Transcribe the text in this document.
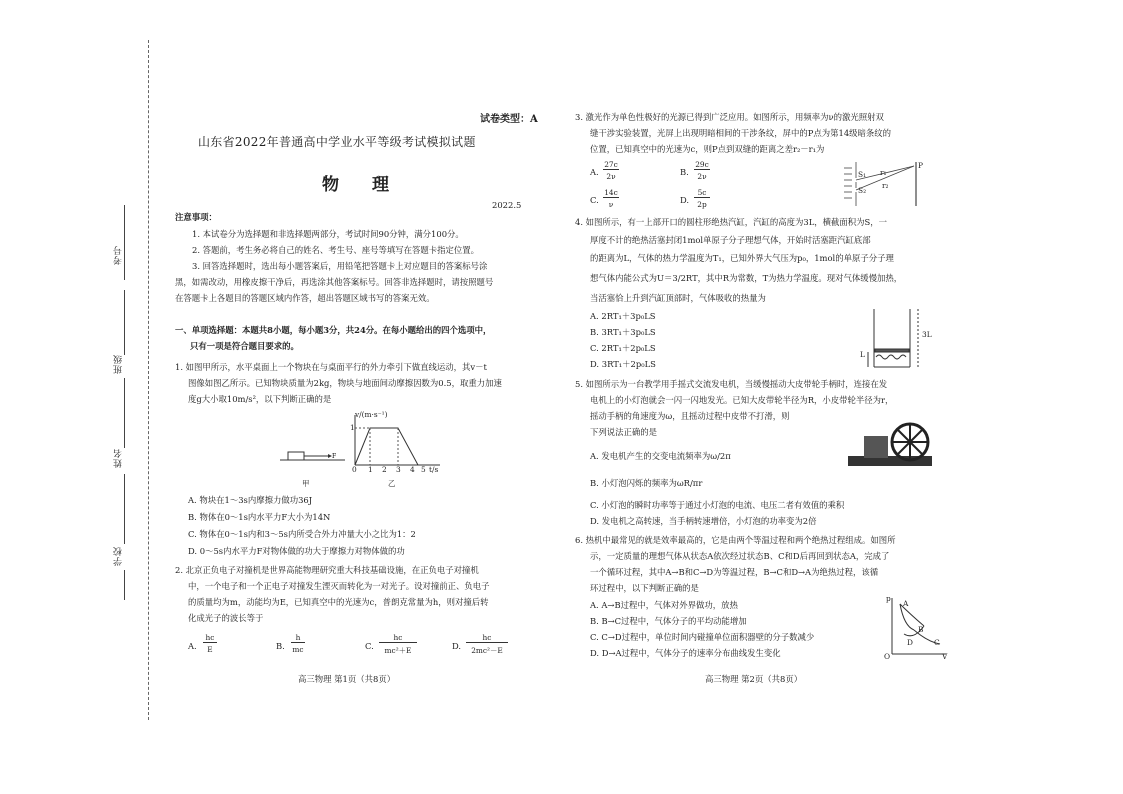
考号
班级
姓名
学校
试卷类型：A
山东省2022年普通高中学业水平等级考试模拟试题
物　理
2022.5
注意事项：
1. 本试卷分为选择题和非选择题两部分，考试时间90分钟，满分100分。
2. 答题前，考生务必将自己的姓名、考生号、座号等填写在答题卡指定位置。
3. 回答选择题时，选出每小题答案后，用铅笔把答题卡上对应题目的答案标号涂
黑，如需改动，用橡皮擦干净后，再选涂其他答案标号。回答非选择题时，请按照题号
在答题卡上各题目的答题区域内作答，超出答题区域书写的答案无效。
一、单项选择题：本题共8小题，每小题3分，共24分。在每小题给出的四个选项中，
只有一项是符合题目要求的。
1. 如图甲所示，水平桌面上一个物块在与桌面平行的外力牵引下做直线运动，其v－t
图像如图乙所示。已知物块质量为2kg，物块与地面间动摩擦因数为0.5，取重力加速
度g大小取10m/s²，以下判断正确的是
F
v/(m·s⁻¹)
1
0 1 2 3 4 5 t/s
甲	乙
A. 物块在1～3s内摩擦力做功36J
B. 物体在0～1s内水平力F大小为14N
C. 物体在0～1s内和3～5s内所受合外力冲量大小之比为1：2
D. 0～5s内水平力F对物体做的功大于摩擦力对物体做的功
2. 北京正负电子对撞机是世界高能物理研究重大科技基础设施，在正负电子对撞机
中，一个电子和一个正电子对撞发生湮灭而转化为一对光子。设对撞前正、负电子
的质量均为m，动能均为E，已知真空中的光速为c，普朗克常量为h，则对撞后转
化成光子的波长等于
A.
hc
E	B.
h
mc	C.
hc
mc²＋E	D.
hc
2mc²－E
高三物理 第1页（共8页）
3. 激光作为单色性极好的光源已得到广泛应用。如图所示，用频率为ν的激光照射双
缝干涉实验装置，光屏上出现明暗相间的干涉条纹，屏中的P点为第14级暗条纹的
位置，已知真空中的光速为c，则P点到双缝的距离之差r₂－r₁为
A.
27c
2ν	B.
29c
2ν
C.
14c
ν	D.
5c
2p
S₁
S₂
P
r₁
r₂
4. 如图所示，有一上部开口的圆柱形绝热汽缸，汽缸的高度为3L，横截面积为S，一
厚度不计的绝热活塞封闭1mol单原子分子理想气体，开始时活塞距汽缸底部
的距离为L，气体的热力学温度为T₁，已知外界大气压为p₀，1mol的单原子分子理
想气体内能公式为U＝3/2RT，其中R为常数，T为热力学温度。现对气体缓慢加热，
当活塞恰上升到汽缸顶部时，气体吸收的热量为
A. 2RT₁＋3p₀LS
B. 3RT₁＋3p₀LS
C. 2RT₁＋2p₀LS
D. 3RT₁＋2p₀LS
3L
L
5. 如图所示为一台教学用手摇式交流发电机，当缓慢摇动大皮带轮手柄时，连接在发
电机上的小灯泡就会一闪一闪地发光。已知大皮带轮半径为R，小皮带轮半径为r，
摇动手柄的角速度为ω，且摇动过程中皮带不打滑，则
下列说法正确的是
A. 发电机产生的交变电流频率为ω/2π
B. 小灯泡闪烁的频率为ωR/πr
C. 小灯泡的瞬时功率等于通过小灯泡的电流、电压二者有效值的乘积
D. 发电机之高转速，当手柄转速增倍，小灯泡的功率变为2倍
6. 热机中最常见的就是效率最高的，它是由两个等温过程和两个绝热过程组成。如图所
示，一定质量的理想气体从状态A依次经过状态B、C和D后再回到状态A，完成了
一个循环过程，其中A→B和C→D为等温过程，B→C和D→A为绝热过程，该循
环过程中，以下判断正确的是
A. A→B过程中，气体对外界做功，放热
B. B→C过程中，气体分子的平均动能增加
C. C→D过程中，单位时间内碰撞单位面积器壁的分子数减少
D. D→A过程中，气体分子的速率分布曲线发生变化
p
A
B
C
D
O	V
高三物理 第2页（共8页）
